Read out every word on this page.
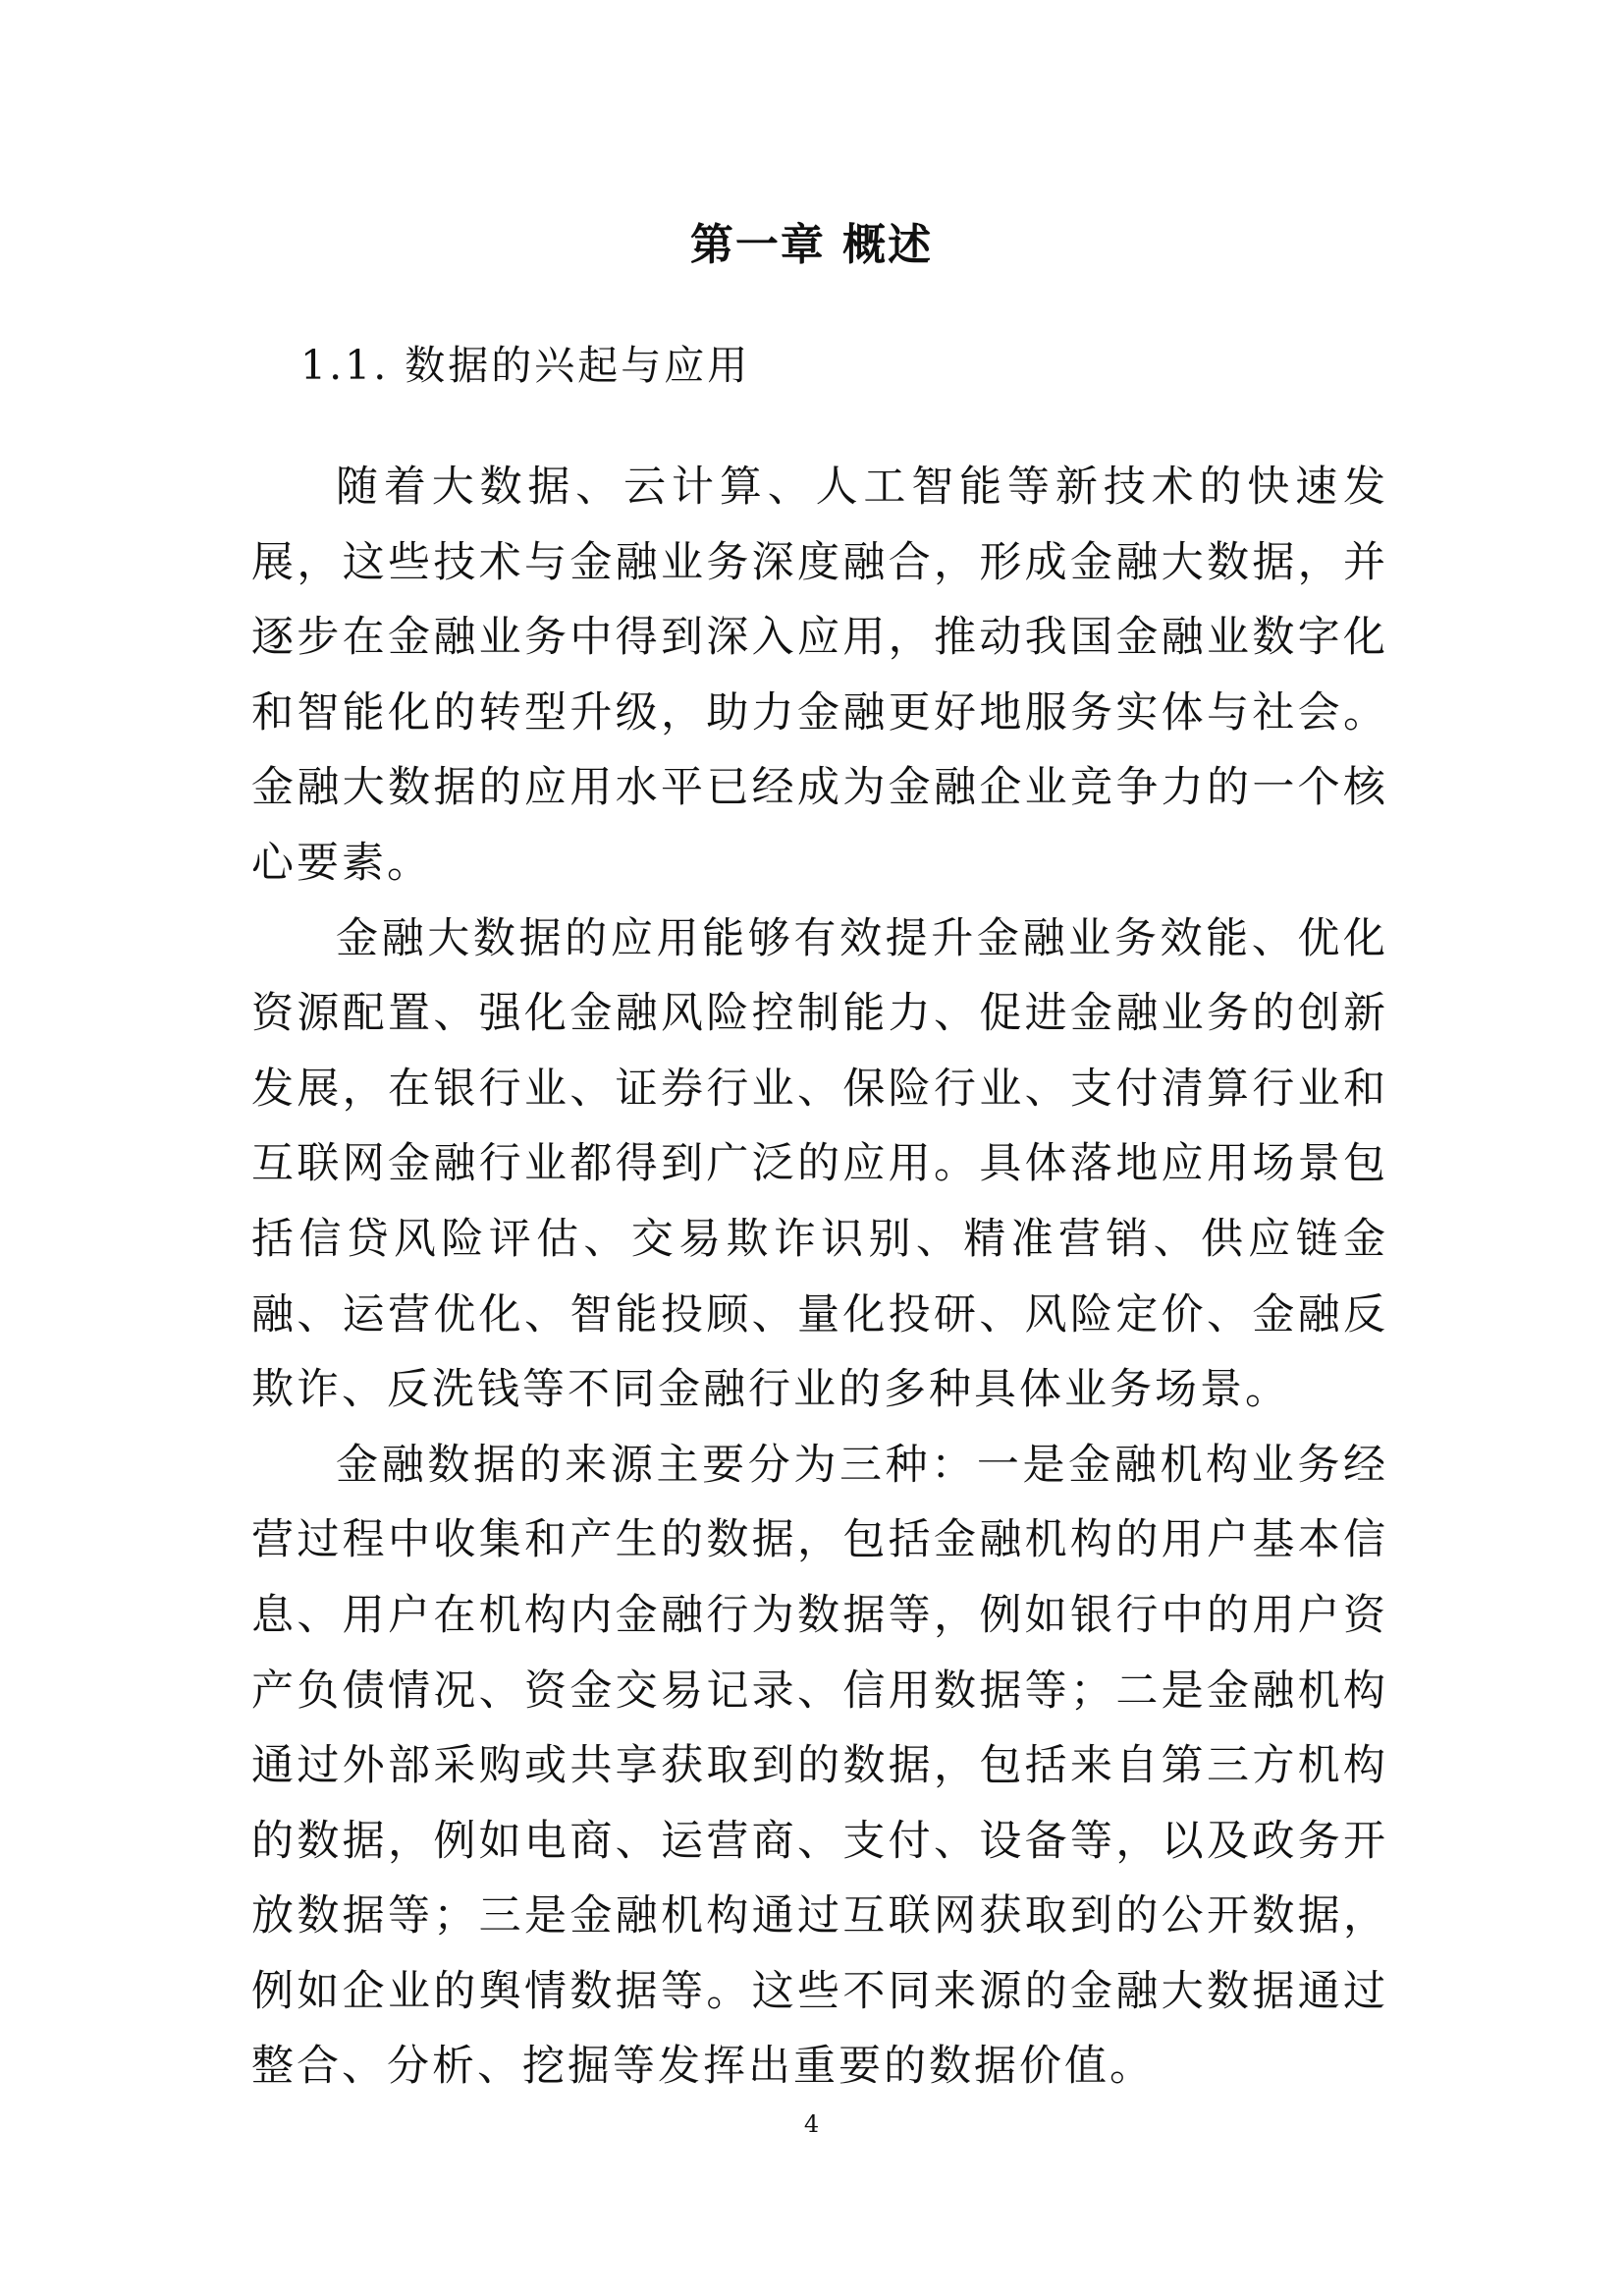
第一章 概述
1.1. 数据的兴起与应用

随着大数据、云计算、人工智能等新技术的快速发展，这些技术与金融业务深度融合，形成金融大数据，并逐步在金融业务中得到深入应用，推动我国金融业数字化和智能化的转型升级，助力金融更好地服务实体与社会。金融大数据的应用水平已经成为金融企业竞争力的一个核心要素。

金融大数据的应用能够有效提升金融业务效能、优化资源配置、强化金融风险控制能力、促进金融业务的创新发展，在银行业、证券行业、保险行业、支付清算行业和互联网金融行业都得到广泛的应用。具体落地应用场景包括信贷风险评估、交易欺诈识别、精准营销、供应链金融、运营优化、智能投顾、量化投研、风险定价、金融反欺诈、反洗钱等不同金融行业的多种具体业务场景。

金融数据的来源主要分为三种：一是金融机构业务经营过程中收集和产生的数据，包括金融机构的用户基本信息、用户在机构内金融行为数据等，例如银行中的用户资产负债情况、资金交易记录、信用数据等；二是金融机构通过外部采购或共享获取到的数据，包括来自第三方机构的数据，例如电商、运营商、支付、设备等，以及政务开放数据等；三是金融机构通过互联网获取到的公开数据，例如企业的舆情数据等。这些不同来源的金融大数据通过整合、分析、挖掘等发挥出重要的数据价值。

4
